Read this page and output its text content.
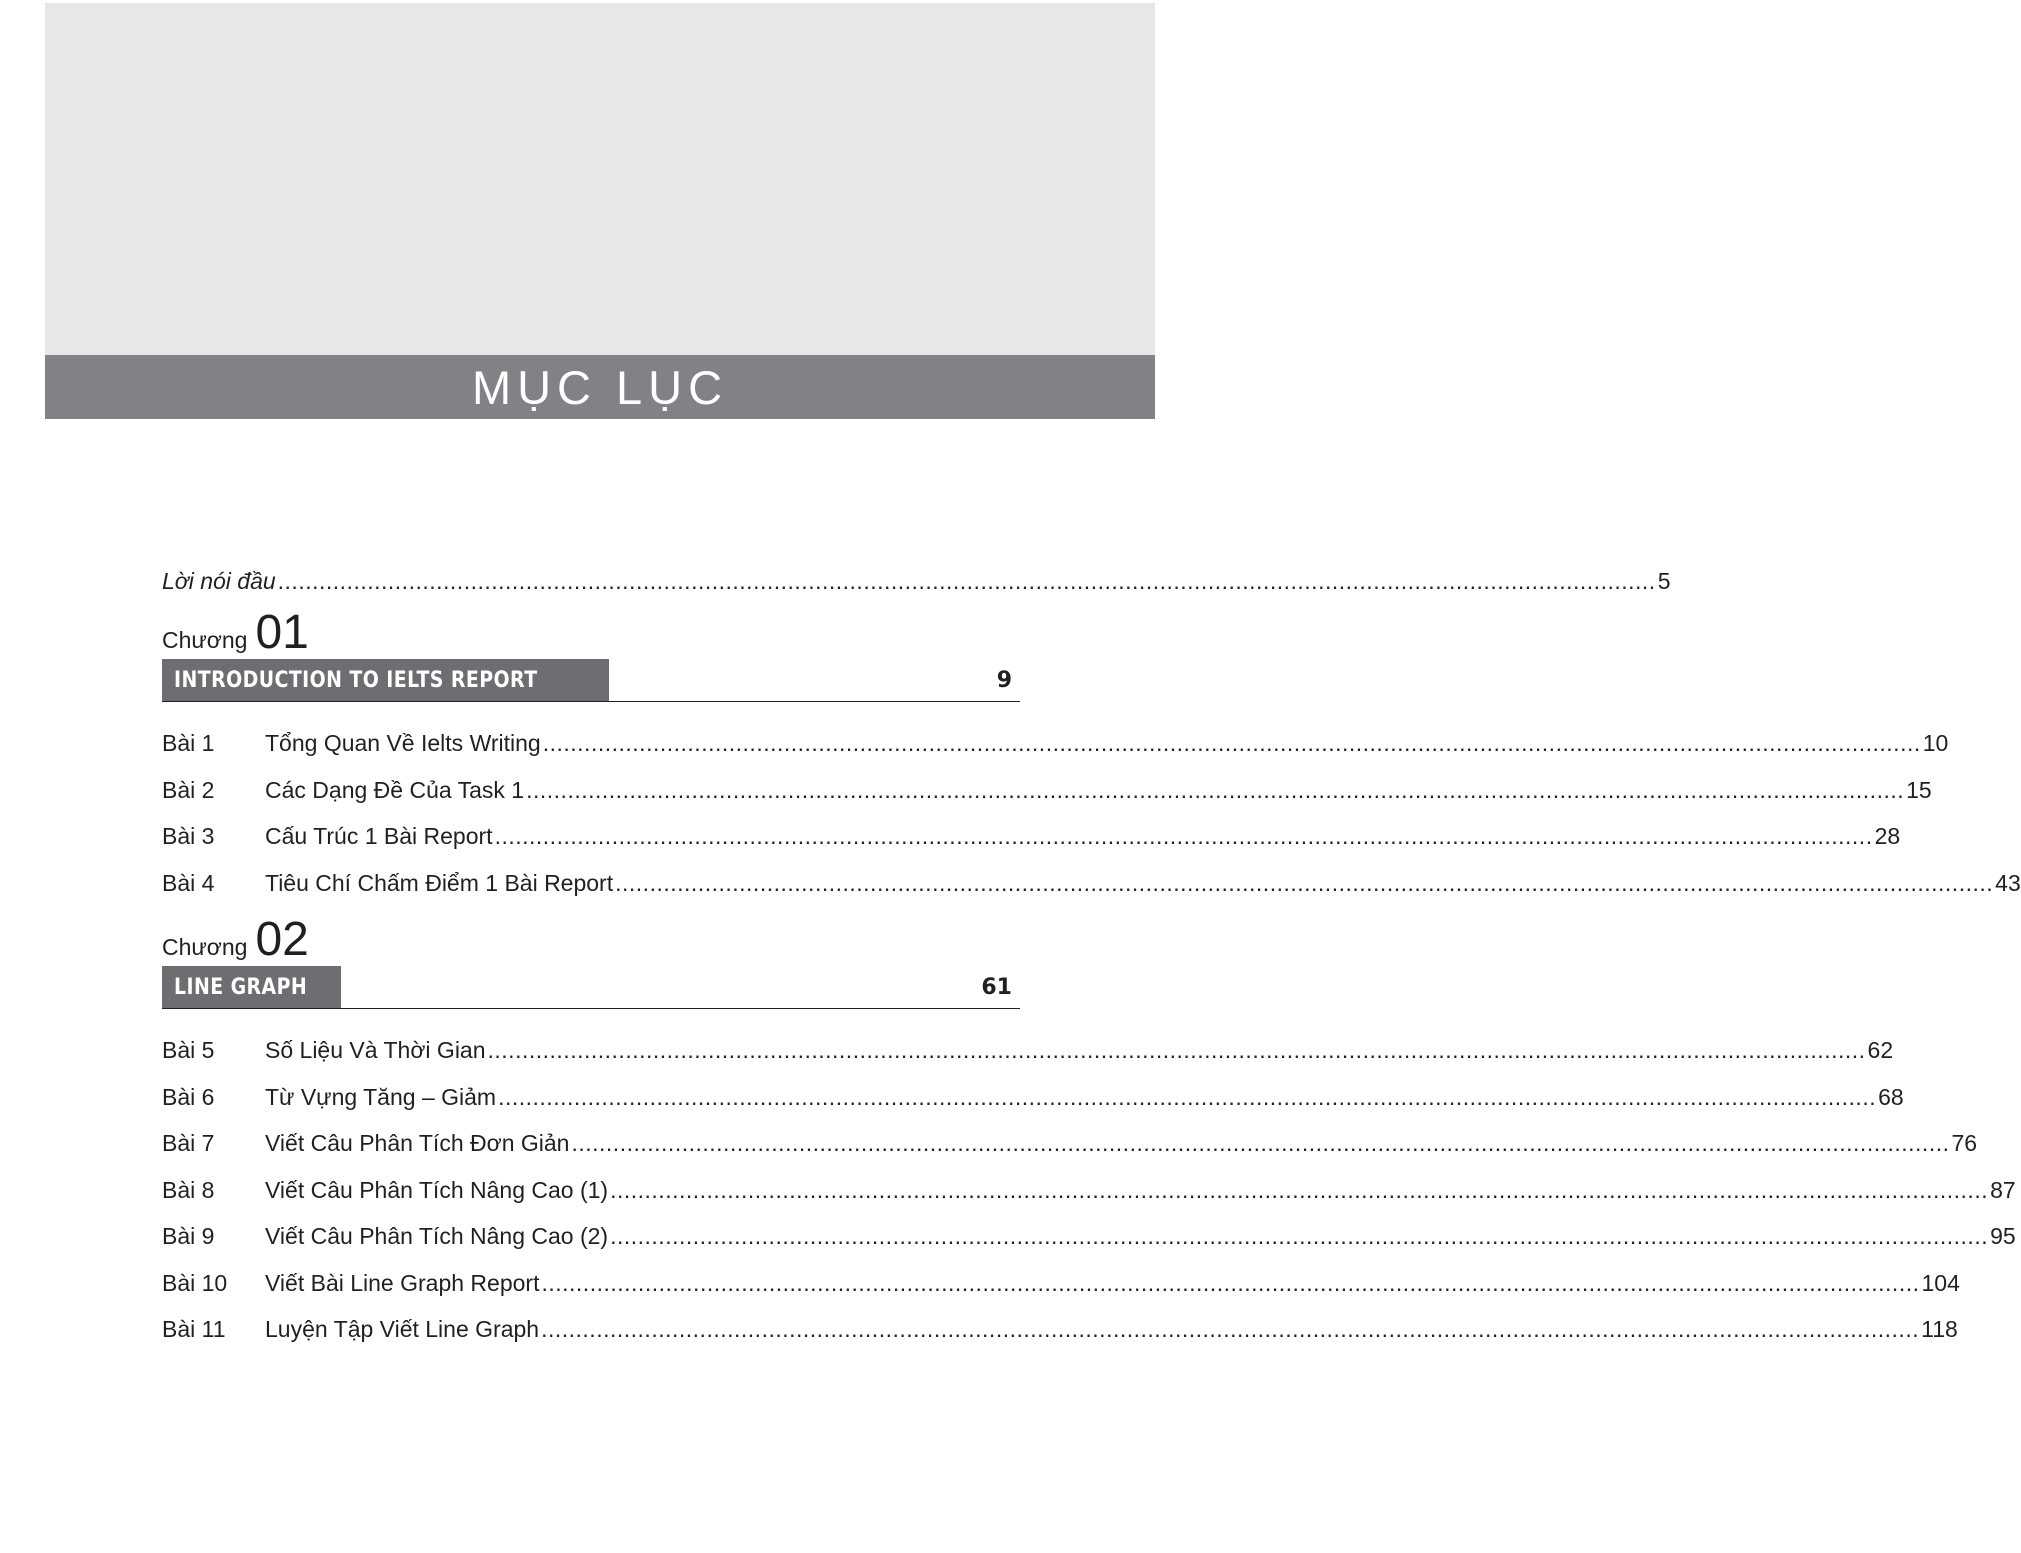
MỤC LỤC
Lời nói đầu ........................................................................................................................................................................................................ 5
Chương 01
INTRODUCTION TO IELTS REPORT	9
Bài 1	Tổng Quan Về Ielts Writing ........................................................................................................................................................................................................ 10
Bài 2	Các Dạng Đề Của Task 1 ........................................................................................................................................................................................................ 15
Bài 3	Cấu Trúc 1 Bài Report ........................................................................................................................................................................................................ 28
Bài 4	Tiêu Chí Chấm Điểm 1 Bài Report ........................................................................................................................................................................................................ 43
Chương 02
LINE GRAPH	61
Bài 5	Số Liệu Và Thời Gian ........................................................................................................................................................................................................ 62
Bài 6	Từ Vựng Tăng – Giảm ........................................................................................................................................................................................................ 68
Bài 7	Viết Câu Phân Tích Đơn Giản ........................................................................................................................................................................................................ 76
Bài 8	Viết Câu Phân Tích Nâng Cao (1) ........................................................................................................................................................................................................ 87
Bài 9	Viết Câu Phân Tích Nâng Cao (2) ........................................................................................................................................................................................................ 95
Bài 10	Viết Bài Line Graph Report ........................................................................................................................................................................................................ 104
Bài 11	Luyện Tập Viết Line Graph ........................................................................................................................................................................................................ 118
